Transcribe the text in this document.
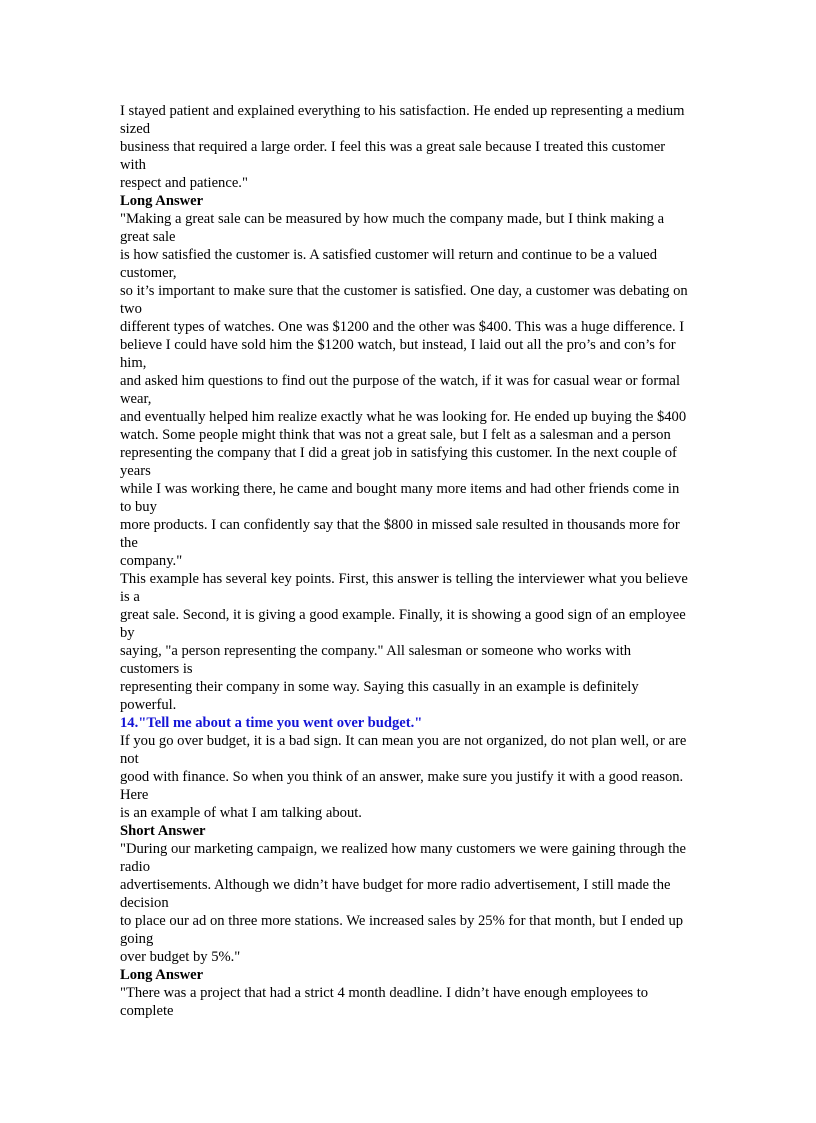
I stayed patient and explained everything to his satisfaction. He ended up representing a medium
sized
business that required a large order. I feel this was a great sale because I treated this customer
with
respect and patience."
Long Answer
"Making a great sale can be measured by how much the company made, but I think making a
great sale
is how satisfied the customer is. A satisfied customer will return and continue to be a valued
customer,
so it’s important to make sure that the customer is satisfied. One day, a customer was debating on
two
different types of watches. One was $1200 and the other was $400. This was a huge difference. I
believe I could have sold him the $1200 watch, but instead, I laid out all the pro’s and con’s for
him,
and asked him questions to find out the purpose of the watch, if it was for casual wear or formal
wear,
and eventually helped him realize exactly what he was looking for. He ended up buying the $400
watch. Some people might think that was not a great sale, but I felt as a salesman and a person
representing the company that I did a great job in satisfying this customer. In the next couple of
years
while I was working there, he came and bought many more items and had other friends come in
to buy
more products. I can confidently say that the $800 in missed sale resulted in thousands more for
the
company."
This example has several key points. First, this answer is telling the interviewer what you believe
is a
great sale. Second, it is giving a good example. Finally, it is showing a good sign of an employee
by
saying, "a person representing the company." All salesman or someone who works with
customers is
representing their company in some way. Saying this casually in an example is definitely
powerful.
14."Tell me about a time you went over budget."
If you go over budget, it is a bad sign. It can mean you are not organized, do not plan well, or are
not
good with finance. So when you think of an answer, make sure you justify it with a good reason.
Here
is an example of what I am talking about.
Short Answer
"During our marketing campaign, we realized how many customers we were gaining through the
radio
advertisements. Although we didn’t have budget for more radio advertisement, I still made the
decision
to place our ad on three more stations. We increased sales by 25% for that month, but I ended up
going
over budget by 5%."
Long Answer
"There was a project that had a strict 4 month deadline. I didn’t have enough employees to
complete
